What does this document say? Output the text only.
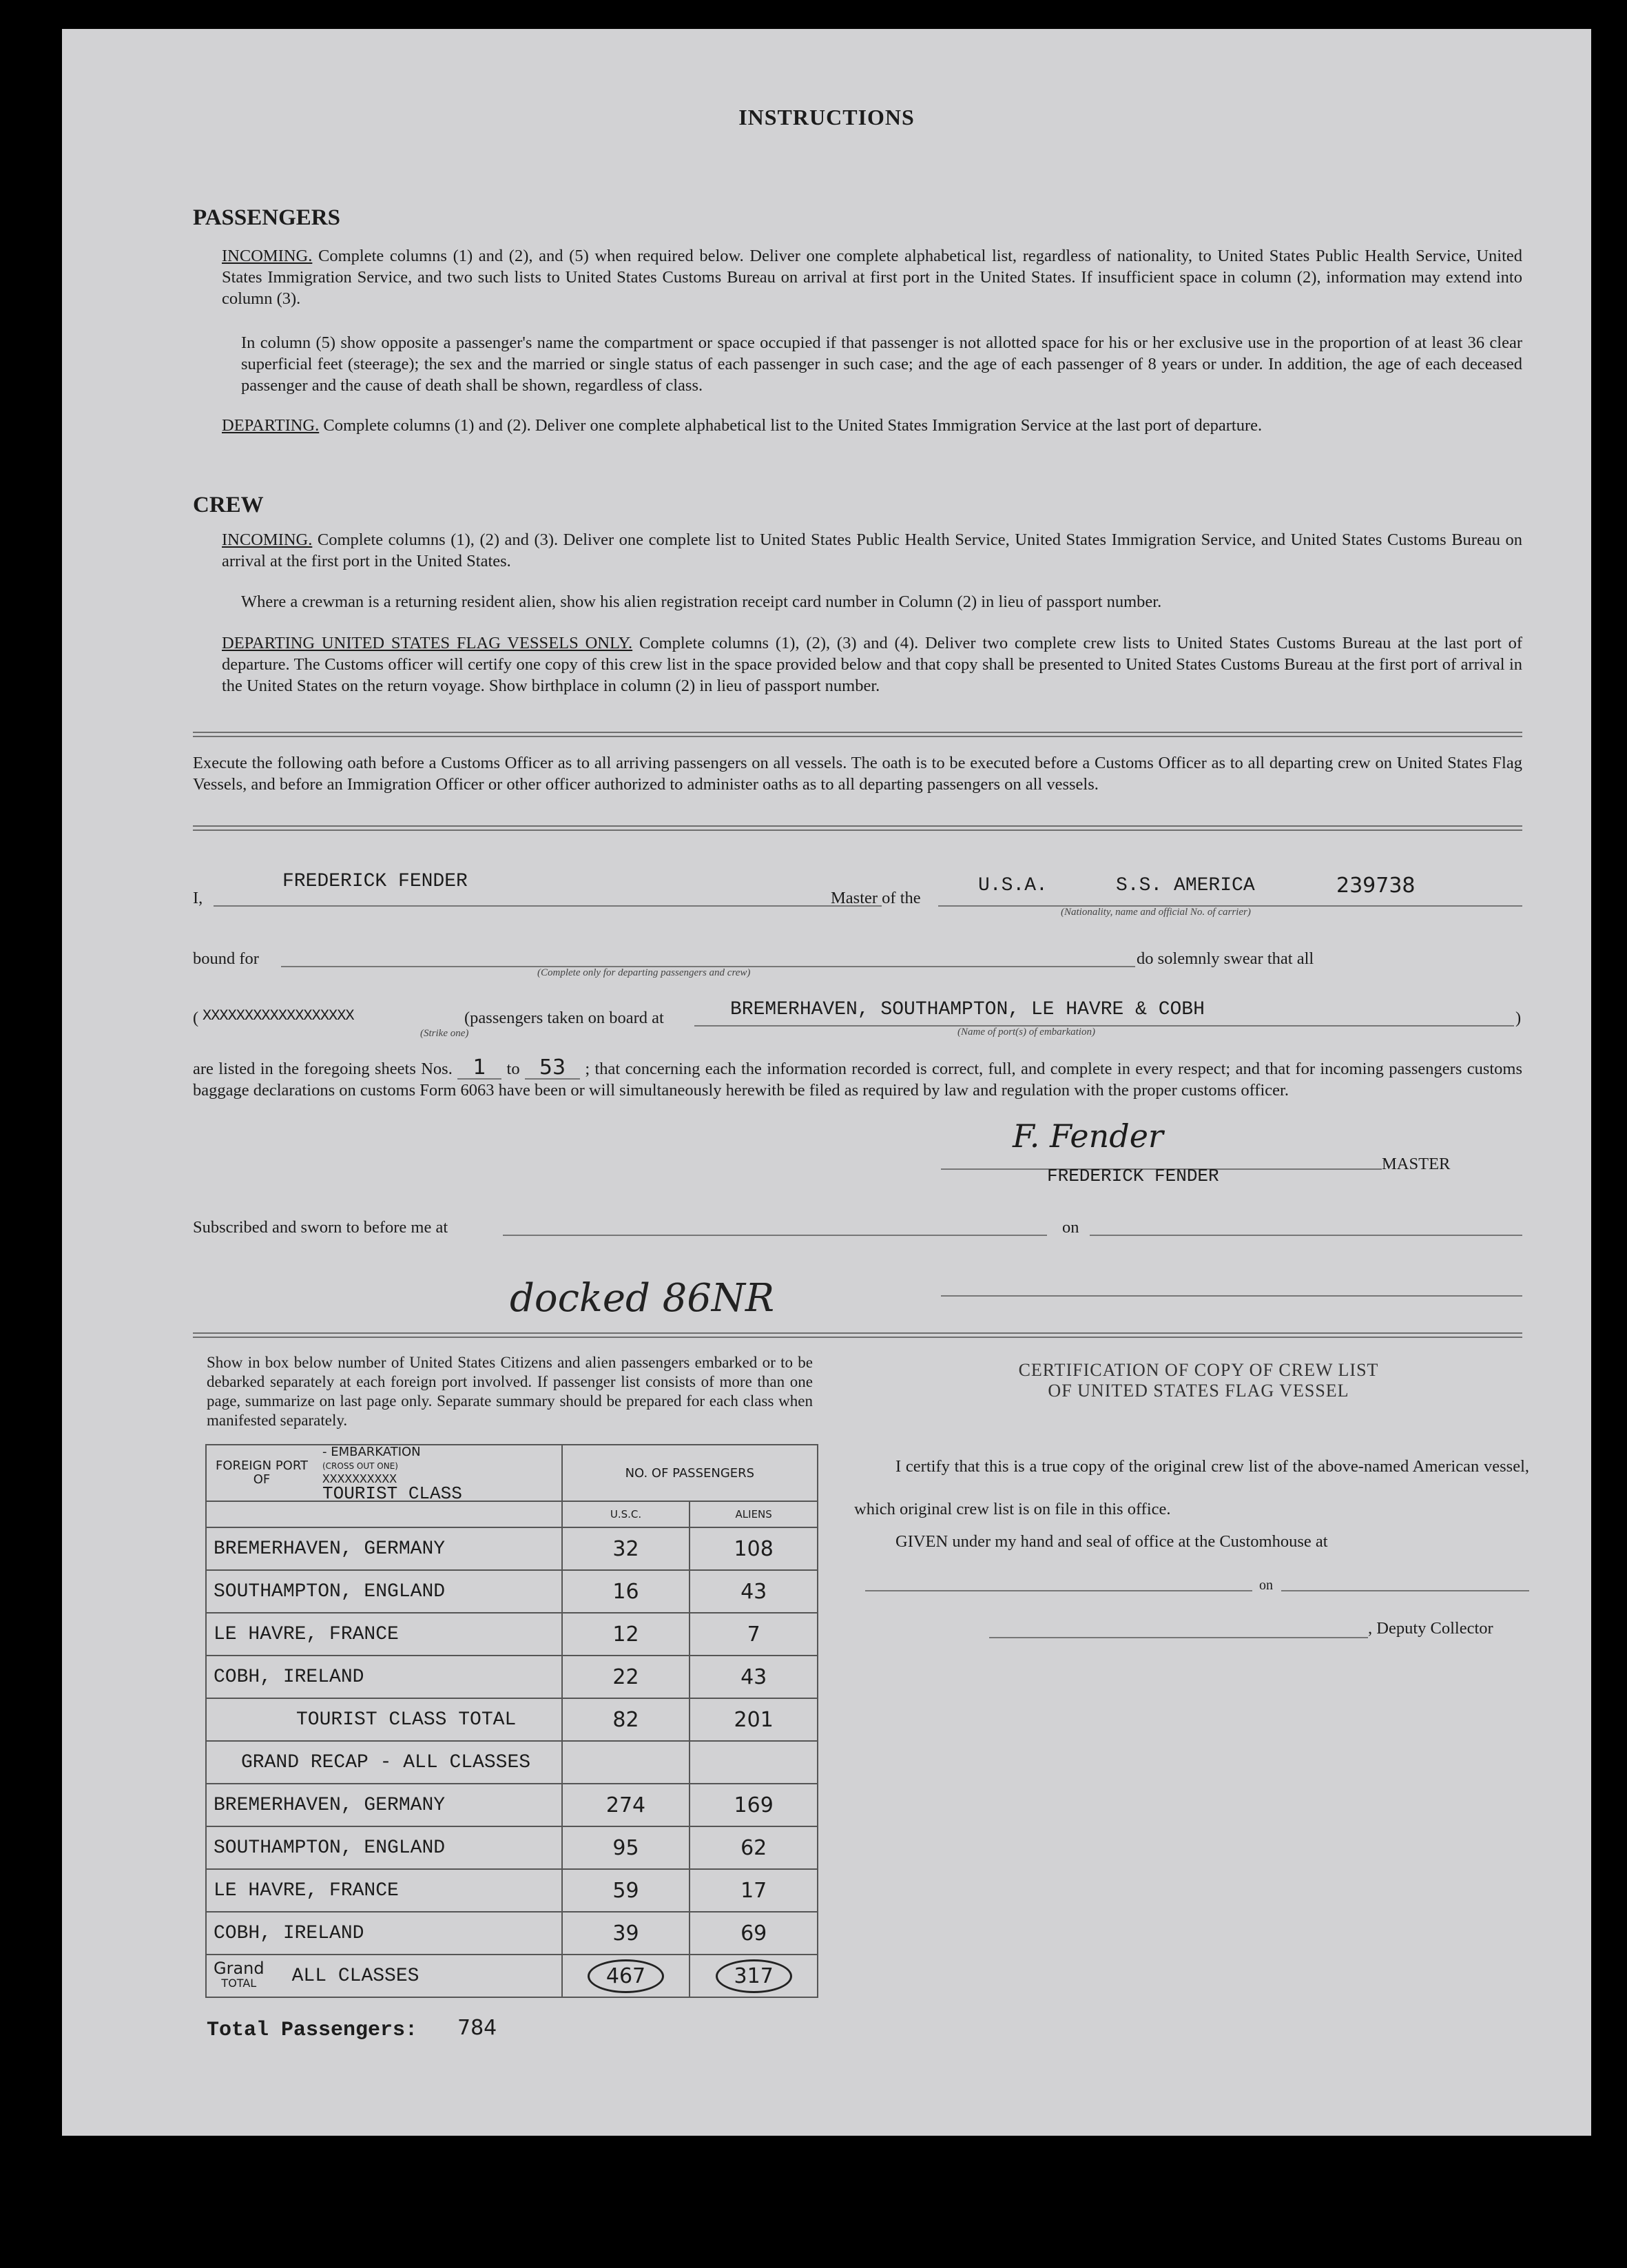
INSTRUCTIONS
PASSENGERS
INCOMING. Complete columns (1) and (2), and (5) when required below. Deliver one complete alphabetical list, regardless of nationality, to United States Public Health Service, United States Immigration Service, and two such lists to United States Customs Bureau on arrival at first port in the United States. If insufficient space in column (2), information may extend into column (3).
In column (5) show opposite a passenger's name the compartment or space occupied if that passenger is not allotted space for his or her exclusive use in the proportion of at least 36 clear superficial feet (steerage); the sex and the married or single status of each passenger in such case; and the age of each passenger of 8 years or under. In addition, the age of each deceased passenger and the cause of death shall be shown, regardless of class.
DEPARTING. Complete columns (1) and (2). Deliver one complete alphabetical list to the United States Immigration Service at the last port of departure.
CREW
INCOMING. Complete columns (1), (2) and (3). Deliver one complete list to United States Public Health Service, United States Immigration Service, and United States Customs Bureau on arrival at the first port in the United States.
Where a crewman is a returning resident alien, show his alien registration receipt card number in Column (2) in lieu of passport number.
DEPARTING UNITED STATES FLAG VESSELS ONLY. Complete columns (1), (2), (3) and (4). Deliver two complete crew lists to United States Customs Bureau at the last port of departure. The Customs officer will certify one copy of this crew list in the space provided below and that copy shall be presented to United States Customs Bureau at the first port of arrival in the United States on the return voyage. Show birthplace in column (2) in lieu of passport number.
Execute the following oath before a Customs Officer as to all arriving passengers on all vessels. The oath is to be executed before a Customs Officer as to all departing crew on United States Flag Vessels, and before an Immigration Officer or other officer authorized to administer oaths as to all departing passengers on all vessels.
I,
FREDERICK FENDER
Master of the
U.S.A.	S.S. AMERICA	239738
(Nationality, name and official No. of carrier)
bound for
(Complete only for departing passengers and crew)
do solemnly swear that all
( XXXXXXXXXXXXXXXXXX
(Strike one)
(passengers taken on board at	BREMERHAVEN, SOUTHAMPTON, LE HAVRE & COBH
(Name of port(s) of embarkation)
)
are listed in the foregoing sheets Nos. 1 to 53 ; that concerning each the information recorded is correct, full, and complete in every respect; and that for incoming passengers customs baggage declarations on customs Form 6063 have been or will simultaneously herewith be filed as required by law and regulation with the proper customs officer.
F. Fender
FREDERICK FENDER
MASTER
Subscribed and sworn to before me at	on
docked 86NR
Show in box below number of United States Citizens and alien passengers embarked or to be debarked separately at each foreign port involved. If passenger list consists of more than one page, summarize on last page only. Separate summary should be prepared for each class when manifested separately.
FOREIGN PORT OF
- EMBARKATION
(CROSS OUT ONE)
XXXXXXXXXX
TOURIST CLASS	NO. OF PASSENGERS	
	U.S.C.	ALIENS
BREMERHAVEN, GERMANY	32	108
SOUTHAMPTON, ENGLAND	16	43
LE HAVRE, FRANCE	12	7
COBH, IRELAND	22	43
TOURIST CLASS TOTAL	82	201
GRAND RECAP - ALL CLASSES		
BREMERHAVEN, GERMANY	274	169
SOUTHAMPTON, ENGLAND	95	62
LE HAVRE, FRANCE	59	17
COBH, IRELAND	39	69

Grand
TOTAL ALL CLASSES	467	317
Total Passengers: 784
CERTIFICATION OF COPY OF CREW LIST
OF UNITED STATES FLAG VESSEL
I certify that this is a true copy of the original crew list of the above-named American vessel, which original crew list is on file in this office.
GIVEN under my hand and seal of office at the Customhouse at
on
, Deputy Collector
